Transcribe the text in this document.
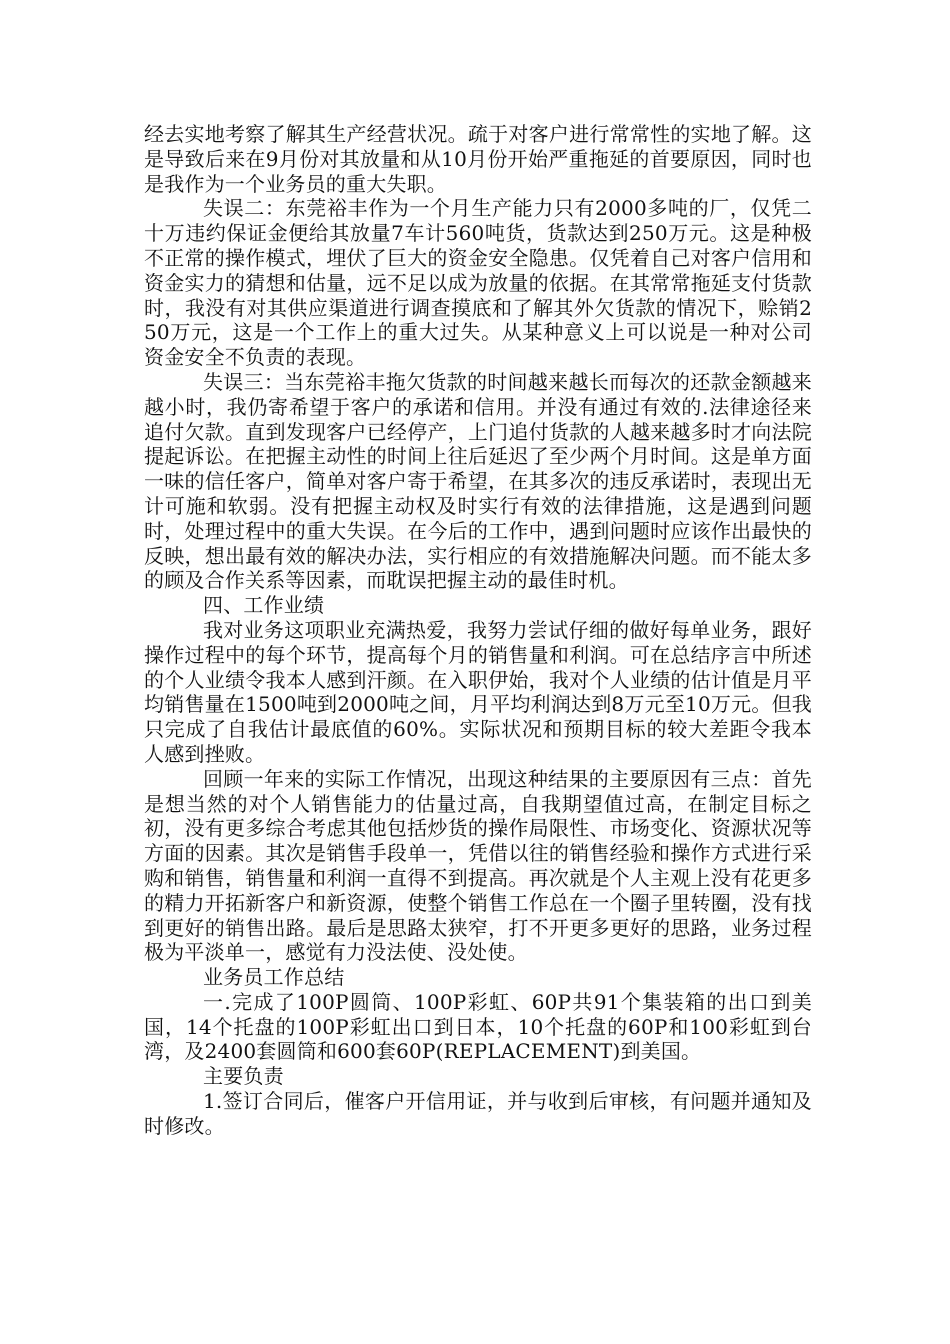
经去实地考察了解其生产经营状况。疏于对客户进行常常性的实地了解。这是导致后来在9月份对其放量和从10月份开始严重拖延的首要原因，同时也是我作为一个业务员的重大失职。

失误二：东莞裕丰作为一个月生产能力只有2000多吨的厂，仅凭二十万违约保证金便给其放量7车计560吨货，货款达到250万元。这是种极不正常的操作模式，埋伏了巨大的资金安全隐患。仅凭着自己对客户信用和资金实力的猜想和估量，远不足以成为放量的依据。在其常常拖延支付货款时，我没有对其供应渠道进行调查摸底和了解其外欠货款的情况下，赊销250万元，这是一个工作上的重大过失。从某种意义上可以说是一种对公司资金安全不负责的表现。

失误三：当东莞裕丰拖欠货款的时间越来越长而每次的还款金额越来越小时，我仍寄希望于客户的承诺和信用。并没有通过有效的.法律途径来追付欠款。直到发现客户已经停产，上门追付货款的人越来越多时才向法院提起诉讼。在把握主动性的时间上往后延迟了至少两个月时间。这是单方面一味的信任客户，简单对客户寄于希望，在其多次的违反承诺时，表现出无计可施和软弱。没有把握主动权及时实行有效的法律措施，这是遇到问题时，处理过程中的重大失误。在今后的工作中，遇到问题时应该作出最快的反映，想出最有效的解决办法，实行相应的有效措施解决问题。而不能太多的顾及合作关系等因素，而耽误把握主动的最佳时机。

四、工作业绩

我对业务这项职业充满热爱，我努力尝试仔细的做好每单业务，跟好操作过程中的每个环节，提高每个月的销售量和利润。可在总结序言中所述的个人业绩令我本人感到汗颜。在入职伊始，我对个人业绩的估计值是月平均销售量在1500吨到2000吨之间，月平均利润达到8万元至10万元。但我只完成了自我估计最底值的60%。实际状况和预期目标的较大差距令我本人感到挫败。

回顾一年来的实际工作情况，出现这种结果的主要原因有三点：首先是想当然的对个人销售能力的估量过高，自我期望值过高，在制定目标之初，没有更多综合考虑其他包括炒货的操作局限性、市场变化、资源状况等方面的因素。其次是销售手段单一，凭借以往的销售经验和操作方式进行采购和销售，销售量和利润一直得不到提高。再次就是个人主观上没有花更多的精力开拓新客户和新资源，使整个销售工作总在一个圈子里转圈，没有找到更好的销售出路。最后是思路太狭窄，打不开更多更好的思路，业务过程极为平淡单一，感觉有力没法使、没处使。

业务员工作总结

一.完成了100P圆筒、100P彩虹、60P共91个集装箱的出口到美国，14个托盘的100P彩虹出口到日本，10个托盘的60P和100彩虹到台湾，及2400套圆筒和600套60P(REPLACEMENT)到美国。

主要负责

1.签订合同后，催客户开信用证，并与收到后审核，有问题并通知及时修改。
